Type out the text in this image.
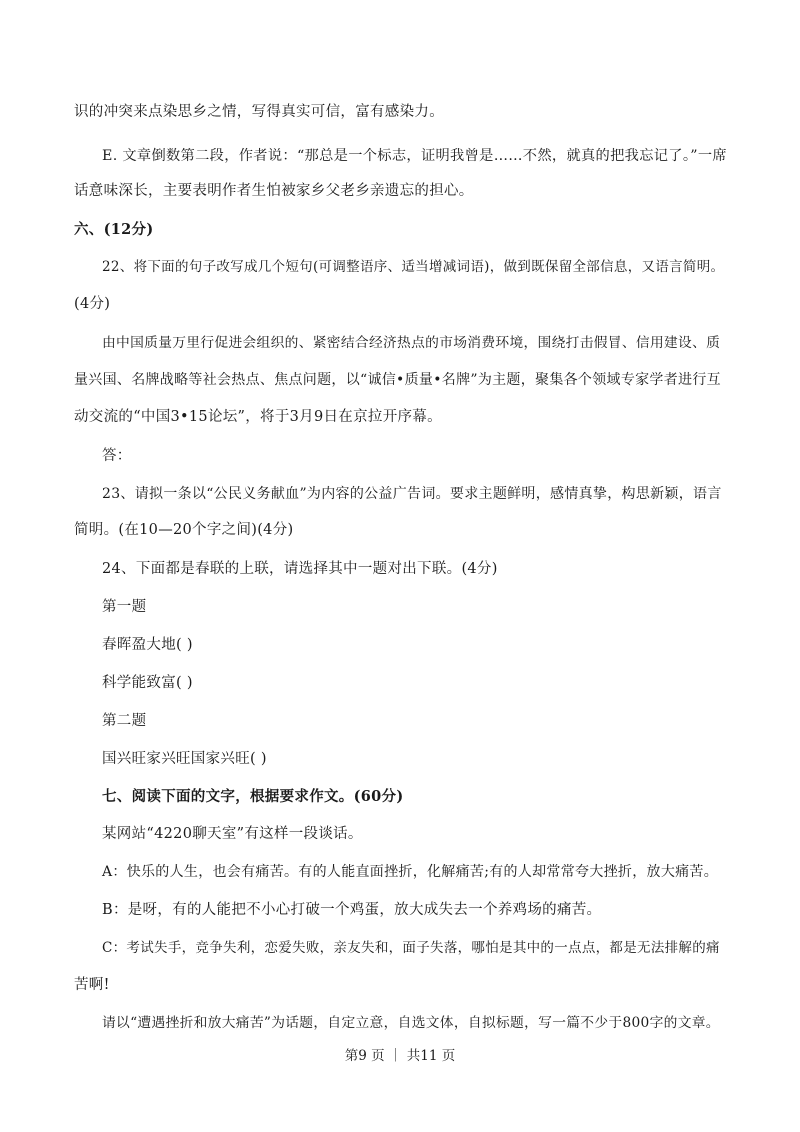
识的冲突来点染思乡之情，写得真实可信，富有感染力。
E. 文章倒数第二段，作者说：“那总是一个标志，证明我曾是……不然，就真的把我忘记了。”一席
话意味深长，主要表明作者生怕被家乡父老乡亲遗忘的担心。
六、(12分)
22、将下面的句子改写成几个短句(可调整语序、适当增减词语)，做到既保留全部信息，又语言简明。
(4分)
由中国质量万里行促进会组织的、紧密结合经济热点的市场消费环境，围绕打击假冒、信用建设、质
量兴国、名牌战略等社会热点、焦点问题，以“诚信•质量•名牌”为主题，聚集各个领域专家学者进行互
动交流的“中国3•15论坛”，将于3月9日在京拉开序幕。
答：
23、请拟一条以“公民义务献血”为内容的公益广告词。要求主题鲜明，感情真挚，构思新颖，语言
简明。(在10—20个字之间)(4分)
24、下面都是春联的上联，请选择其中一题对出下联。(4分)
第一题
春晖盈大地( )
科学能致富( )
第二题
国兴旺家兴旺国家兴旺( )
七、阅读下面的文字，根据要求作文。(60分)
某网站“4220聊天室”有这样一段谈话。
A：快乐的人生，也会有痛苦。有的人能直面挫折，化解痛苦;有的人却常常夸大挫折，放大痛苦。
B：是呀，有的人能把不小心打破一个鸡蛋，放大成失去一个养鸡场的痛苦。
C：考试失手，竞争失利，恋爱失败，亲友失和，面子失落，哪怕是其中的一点点，都是无法排解的痛
苦啊!
请以“遭遇挫折和放大痛苦”为话题，自定立意，自选文体，自拟标题，写一篇不少于800字的文章。
第9 页 ｜ 共11 页
